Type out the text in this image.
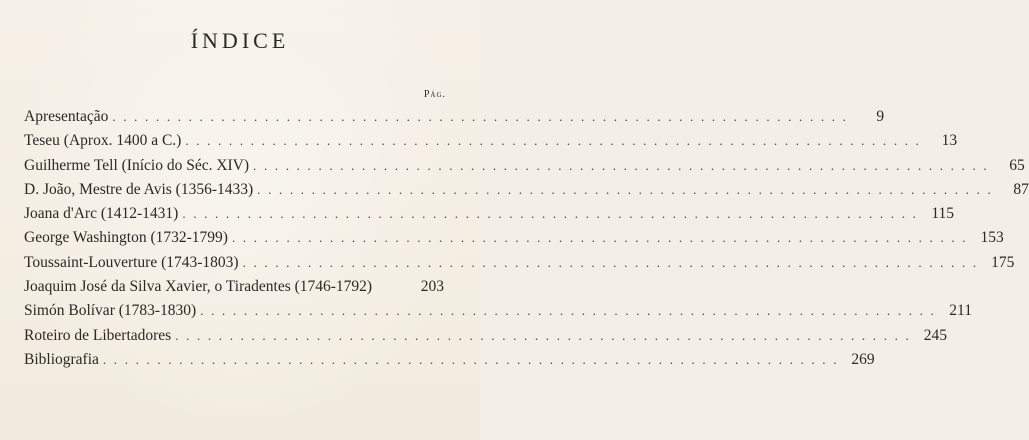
ÍNDICE
Pág.
Apresentação . . . . . . . . . . . . . . . . . . . . . . . . . . . . . . . . . . . . . . . . . . . . . . . . . . . . . . . . . . . . . . . . . . . .	9
Teseu (Aprox. 1400 a C.) . . . . . . . . . . . . . . . . . . . . . . . . . . . . . . . . . . . . . . . . . . . . . . . . . . . . . . . . . . . . . . . . . . . .	13
Guilherme Tell (Início do Séc. XIV) . . . . . . . . . . . . . . . . . . . . . . . . . . . . . . . . . . . . . . . . . . . . . . . . . . . . . . . . . . . . . . . . . . . .	65
D. João, Mestre de Avis (1356-1433) . . . . . . . . . . . . . . . . . . . . . . . . . . . . . . . . . . . . . . . . . . . . . . . . . . . . . . . . . . . . . . . . . . . .	87
Joana d'Arc (1412-1431) . . . . . . . . . . . . . . . . . . . . . . . . . . . . . . . . . . . . . . . . . . . . . . . . . . . . . . . . . . . . . . . . . . . . 115
George Washington (1732-1799) . . . . . . . . . . . . . . . . . . . . . . . . . . . . . . . . . . . . . . . . . . . . . . . . . . . . . . . . . . . . . . . . . . . . 153
Toussaint-Louverture (1743-1803) . . . . . . . . . . . . . . . . . . . . . . . . . . . . . . . . . . . . . . . . . . . . . . . . . . . . . . . . . . . . . . . . . . . . 175
Joaquim José da Silva Xavier, o Tiradentes (1746-1792)	203
Simón Bolívar (1783-1830) . . . . . . . . . . . . . . . . . . . . . . . . . . . . . . . . . . . . . . . . . . . . . . . . . . . . . . . . . . . . . . . . . . . . 211
Roteiro de Libertadores . . . . . . . . . . . . . . . . . . . . . . . . . . . . . . . . . . . . . . . . . . . . . . . . . . . . . . . . . . . . . . . . . . . . 245
Bibliografia . . . . . . . . . . . . . . . . . . . . . . . . . . . . . . . . . . . . . . . . . . . . . . . . . . . . . . . . . . . . . . . . . . . . 269
